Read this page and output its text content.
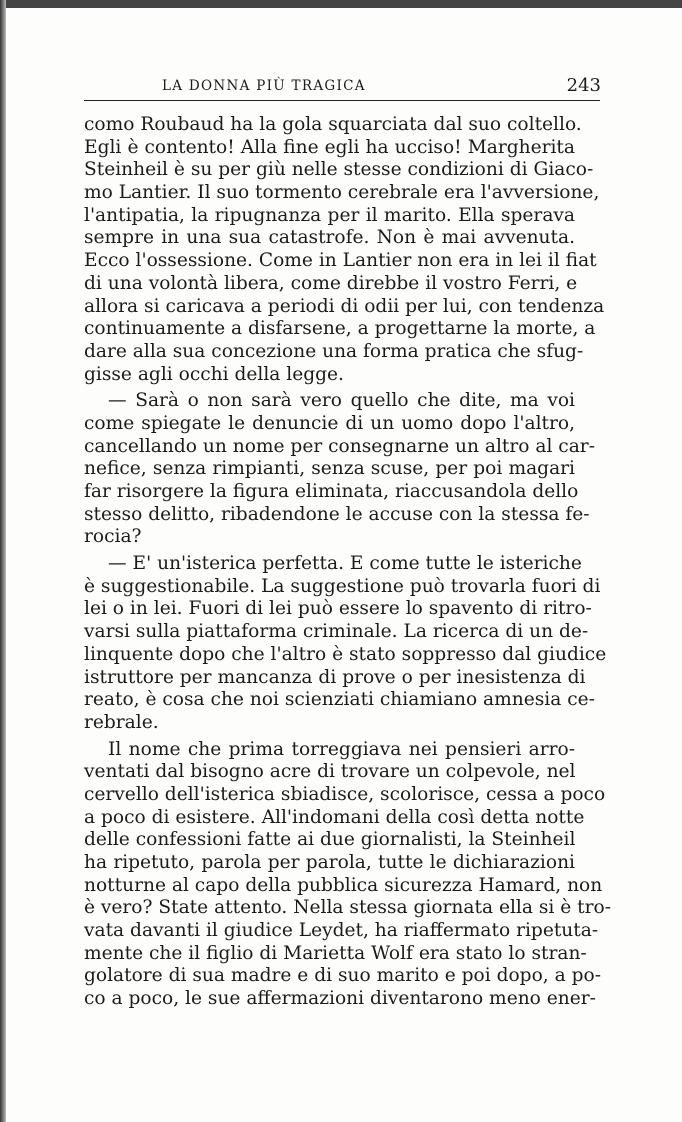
LA DONNA PIÙ TRAGICA	243
como Roubaud ha la gola squarciata dal suo coltello.
Egli è contento! Alla fine egli ha ucciso! Margherita
Steinheil è su per giù nelle stesse condizioni di Giaco-
mo Lantier. Il suo tormento cerebrale era l'avversione,
l'antipatia, la ripugnanza per il marito. Ella sperava
sempre in una sua catastrofe. Non è mai avvenuta.
Ecco l'ossessione. Come in Lantier non era in lei il fiat
di una volontà libera, come direbbe il vostro Ferri, e
allora si caricava a periodi di odii per lui, con tendenza
continuamente a disfarsene, a progettarne la morte, a
dare alla sua concezione una forma pratica che sfug-
gisse agli occhi della legge.
— Sarà o non sarà vero quello che dite, ma voi
come spiegate le denuncie di un uomo dopo l'altro,
cancellando un nome per consegnarne un altro al car-
nefice, senza rimpianti, senza scuse, per poi magari
far risorgere la figura eliminata, riaccusandola dello
stesso delitto, ribadendone le accuse con la stessa fe-
rocia?
— E' un'isterica perfetta. E come tutte le isteriche
è suggestionabile. La suggestione può trovarla fuori di
lei o in lei. Fuori di lei può essere lo spavento di ritro-
varsi sulla piattaforma criminale. La ricerca di un de-
linquente dopo che l'altro è stato soppresso dal giudice
istruttore per mancanza di prove o per inesistenza di
reato, è cosa che noi scienziati chiamiano amnesia ce-
rebrale.
Il nome che prima torreggiava nei pensieri arro-
ventati dal bisogno acre di trovare un colpevole, nel
cervello dell'isterica sbiadisce, scolorisce, cessa a poco
a poco di esistere. All'indomani della così detta notte
delle confessioni fatte ai due giornalisti, la Steinheil
ha ripetuto, parola per parola, tutte le dichiarazioni
notturne al capo della pubblica sicurezza Hamard, non
è vero? State attento. Nella stessa giornata ella si è tro-
vata davanti il giudice Leydet, ha riaffermato ripetuta-
mente che il figlio di Marietta Wolf era stato lo stran-
golatore di sua madre e di suo marito e poi dopo, a po-
co a poco, le sue affermazioni diventarono meno ener-
